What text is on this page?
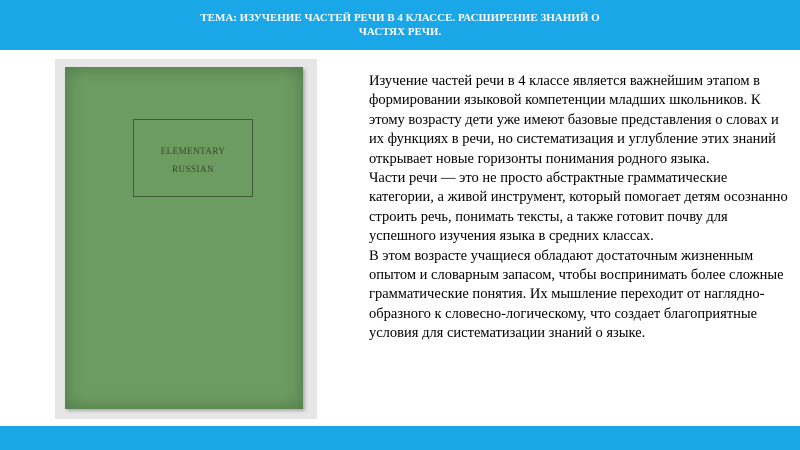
ТЕМА: ИЗУЧЕНИЕ ЧАСТЕЙ РЕЧИ В 4 КЛАССЕ. РАСШИРЕНИЕ ЗНАНИЙ О ЧАСТЯХ РЕЧИ.
ELEMENTARY
RUSSIAN

Изучение частей речи в 4 классе является важнейшим этапом в формировании языковой компетенции младших школьников. К этому возрасту дети уже имеют базовые представления о словах и их функциях в речи, но систематизация и углубление этих знаний открывает новые горизонты понимания родного языка.

Части речи — это не просто абстрактные грамматические категории, а живой инструмент, который помогает детям осознанно строить речь, понимать тексты, а также готовит почву для успешного изучения языка в средних классах.

В этом возрасте учащиеся обладают достаточным жизненным опытом и словарным запасом, чтобы воспринимать более сложные грамматические понятия. Их мышление переходит от наглядно-образного к словесно-логическому, что создает благоприятные условия для систематизации знаний о языке.
